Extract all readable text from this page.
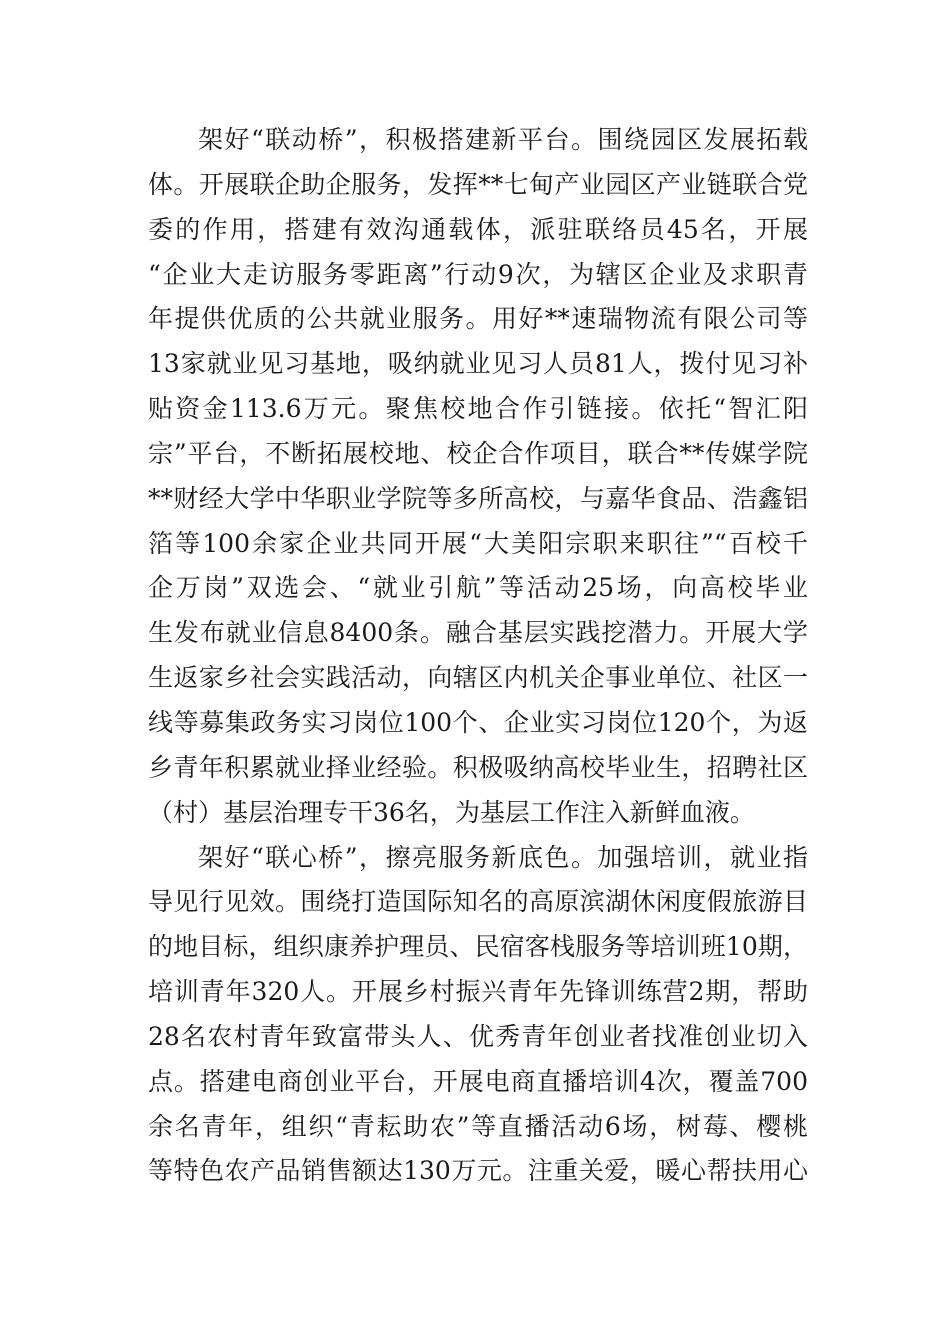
架好“联动桥”，积极搭建新平台。围绕园区发展拓载
体。开展联企助企服务，发挥**七甸产业园区产业链联合党
委的作用，搭建有效沟通载体，派驻联络员45名，开展
“企业大走访服务零距离”行动9次，为辖区企业及求职青
年提供优质的公共就业服务。用好**速瑞物流有限公司等
13家就业见习基地，吸纳就业见习人员81人，拨付见习补
贴资金113.6万元。聚焦校地合作引链接。依托“智汇阳
宗”平台，不断拓展校地、校企合作项目，联合**传媒学院
**财经大学中华职业学院等多所高校，与嘉华食品、浩鑫铝
箔等100余家企业共同开展“大美阳宗职来职往”“百校千
企万岗”双选会、“就业引航”等活动25场，向高校毕业
生发布就业信息8400条。融合基层实践挖潜力。开展大学
生返家乡社会实践活动，向辖区内机关企事业单位、社区一
线等募集政务实习岗位100个、企业实习岗位120个，为返
乡青年积累就业择业经验。积极吸纳高校毕业生，招聘社区
（村）基层治理专干36名，为基层工作注入新鲜血液。
架好“联心桥”，擦亮服务新底色。加强培训，就业指
导见行见效。围绕打造国际知名的高原滨湖休闲度假旅游目
的地目标，组织康养护理员、民宿客栈服务等培训班10期，
培训青年320人。开展乡村振兴青年先锋训练营2期，帮助
28名农村青年致富带头人、优秀青年创业者找准创业切入
点。搭建电商创业平台，开展电商直播培训4次，覆盖700
余名青年，组织“青耘助农”等直播活动6场，树莓、樱桃
等特色农产品销售额达130万元。注重关爱，暖心帮扶用心
